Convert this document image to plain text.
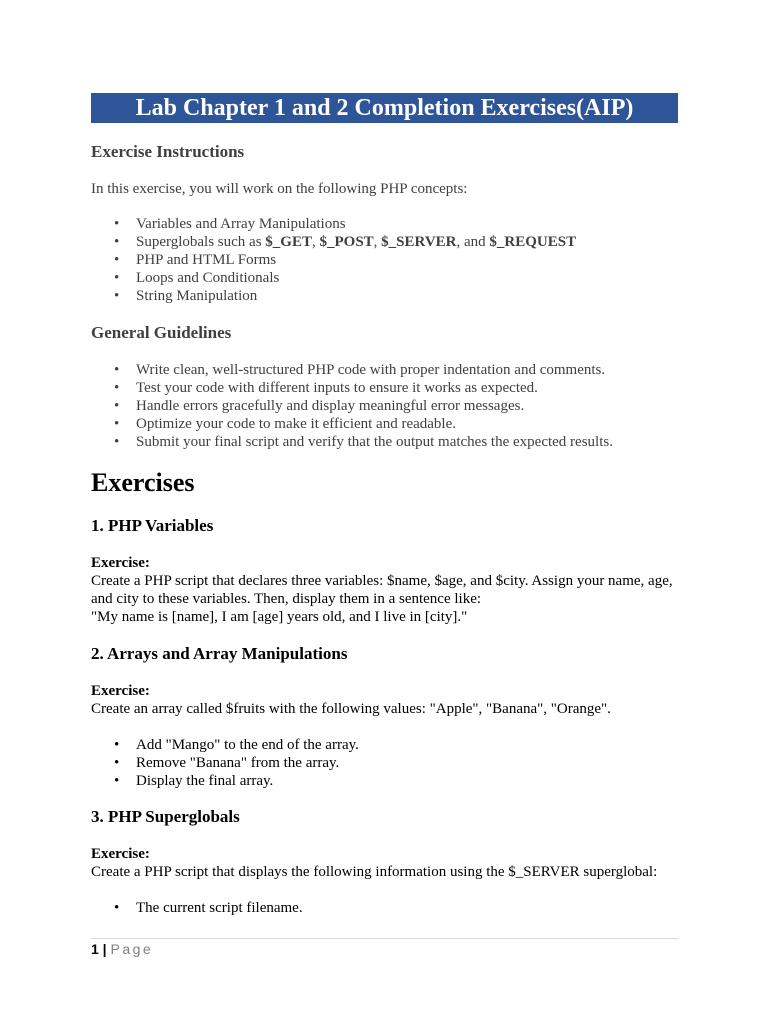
Lab Chapter 1 and 2 Completion Exercises(AIP)
Exercise Instructions

In this exercise, you will work on the following PHP concepts:

• Variables and Array Manipulations
• Superglobals such as $_GET, $_POST, $_SERVER, and $_REQUEST
• PHP and HTML Forms
• Loops and Conditionals
• String Manipulation
General Guidelines
• Write clean, well-structured PHP code with proper indentation and comments.
• Test your code with different inputs to ensure it works as expected.
• Handle errors gracefully and display meaningful error messages.
• Optimize your code to make it efficient and readable.
• Submit your final script and verify that the output matches the expected results.
Exercises
1. PHP Variables

Exercise:

Create a PHP script that declares three variables: $name, $age, and $city. Assign your name, age,

and city to these variables. Then, display them in a sentence like:

"My name is [name], I am [age] years old, and I live in [city]."

2. Arrays and Array Manipulations

Exercise:

Create an array called $fruits with the following values: "Apple", "Banana", "Orange".

• Add "Mango" to the end of the array.
• Remove "Banana" from the array.
• Display the final array.
3. PHP Superglobals

Exercise:

Create a PHP script that displays the following information using the $_SERVER superglobal:

• The current script filename.
1 | Page
